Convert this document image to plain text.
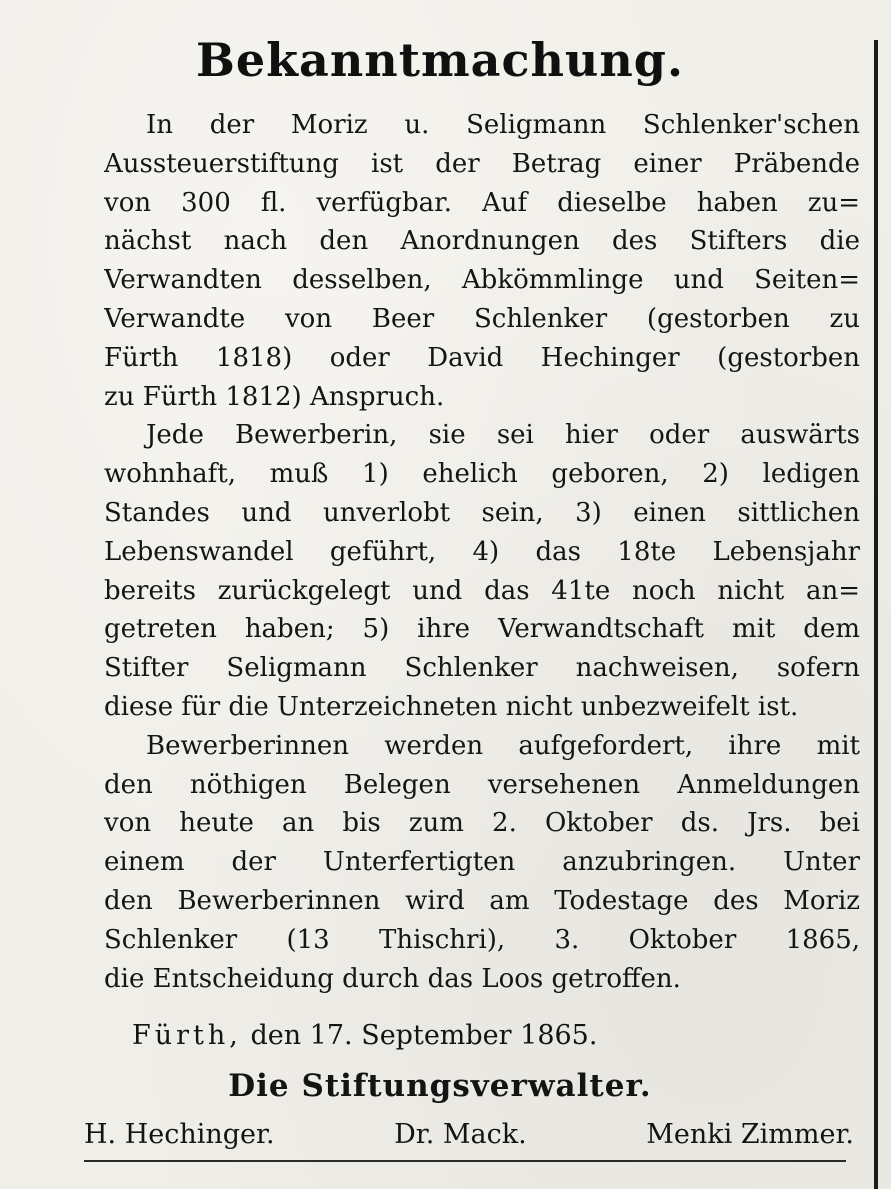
Bekanntmachung.
In der Moriz u. Seligmann Schlenker'schen
Aussteuerstiftung ist der Betrag einer Präbende
von 300 fl. verfügbar. Auf dieselbe haben zu=
nächst nach den Anordnungen des Stifters die
Verwandten desselben, Abkömmlinge und Seiten=
Verwandte von Beer Schlenker (gestorben zu
Fürth 1818) oder David Hechinger (gestorben
zu Fürth 1812) Anspruch.
Jede Bewerberin, sie sei hier oder auswärts
wohnhaft, muß 1) ehelich geboren, 2) ledigen
Standes und unverlobt sein, 3) einen sittlichen
Lebenswandel geführt, 4) das 18te Lebensjahr
bereits zurückgelegt und das 41te noch nicht an=
getreten haben; 5) ihre Verwandtschaft mit dem
Stifter Seligmann Schlenker nachweisen, sofern
diese für die Unterzeichneten nicht unbezweifelt ist.
Bewerberinnen werden aufgefordert, ihre mit
den nöthigen Belegen versehenen Anmeldungen
von heute an bis zum 2. Oktober ds. Jrs. bei
einem der Unterfertigten anzubringen. Unter
den Bewerberinnen wird am Todestage des Moriz
Schlenker (13 Thischri), 3. Oktober 1865,
die Entscheidung durch das Loos getroffen.
Fürth, den 17. September 1865.
Die Stiftungsverwalter.
H. Hechinger.	Dr. Mack.	Menki Zimmer.
